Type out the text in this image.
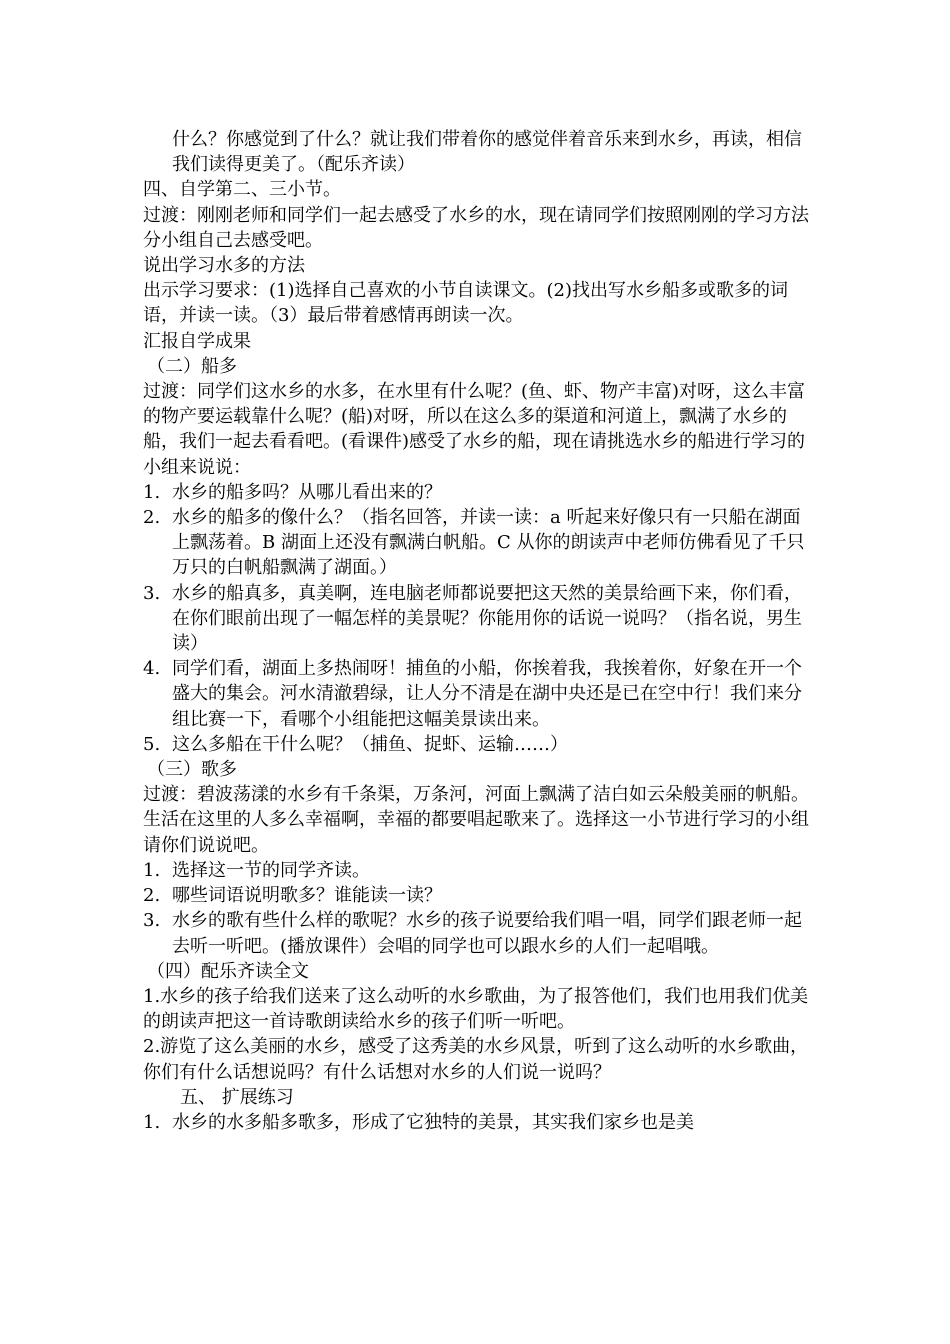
什么？你感觉到了什么？就让我们带着你的感觉伴着音乐来到水乡，再读，相信我们读得更美了。（配乐齐读）

四、自学第二、三小节。

过渡：刚刚老师和同学们一起去感受了水乡的水，现在请同学们按照刚刚的学习方法分小组自己去感受吧。

说出学习水多的方法

出示学习要求：(1)选择自己喜欢的小节自读课文。(2)找出写水乡船多或歌多的词语，并读一读。（3）最后带着感情再朗读一次。

汇报自学成果

（二）船多

过渡：同学们这水乡的水多，在水里有什么呢？(鱼、虾、物产丰富)对呀，这么丰富的物产要运载靠什么呢？(船)对呀，所以在这么多的渠道和河道上，飘满了水乡的船，我们一起去看看吧。(看课件)感受了水乡的船，现在请挑选水乡的船进行学习的小组来说说：

1. 水乡的船多吗？从哪儿看出来的？

2. 水乡的船多的像什么？（指名回答，并读一读：a 听起来好像只有一只船在湖面上飘荡着。B 湖面上还没有飘满白帆船。C 从你的朗读声中老师仿佛看见了千只万只的白帆船飘满了湖面。）

3. 水乡的船真多，真美啊，连电脑老师都说要把这天然的美景给画下来，你们看，在你们眼前出现了一幅怎样的美景呢？你能用你的话说一说吗？（指名说，男生读）

4. 同学们看，湖面上多热闹呀！捕鱼的小船，你挨着我，我挨着你，好象在开一个盛大的集会。河水清澈碧绿，让人分不清是在湖中央还是已在空中行！我们来分组比赛一下，看哪个小组能把这幅美景读出来。

5. 这么多船在干什么呢？（捕鱼、捉虾、运输……）

（三）歌多

过渡：碧波荡漾的水乡有千条渠，万条河，河面上飘满了洁白如云朵般美丽的帆船。生活在这里的人多么幸福啊，幸福的都要唱起歌来了。选择这一小节进行学习的小组请你们说说吧。

1. 选择这一节的同学齐读。

2. 哪些词语说明歌多？谁能读一读？

3. 水乡的歌有些什么样的歌呢？水乡的孩子说要给我们唱一唱，同学们跟老师一起去听一听吧。(播放课件）会唱的同学也可以跟水乡的人们一起唱哦。

（四）配乐齐读全文

1.水乡的孩子给我们送来了这么动听的水乡歌曲，为了报答他们，我们也用我们优美的朗读声把这一首诗歌朗读给水乡的孩子们听一听吧。

2.游览了这么美丽的水乡，感受了这秀美的水乡风景，听到了这么动听的水乡歌曲，你们有什么话想说吗？有什么话想对水乡的人们说一说吗？

五、 扩展练习

1. 水乡的水多船多歌多，形成了它独特的美景，其实我们家乡也是美
